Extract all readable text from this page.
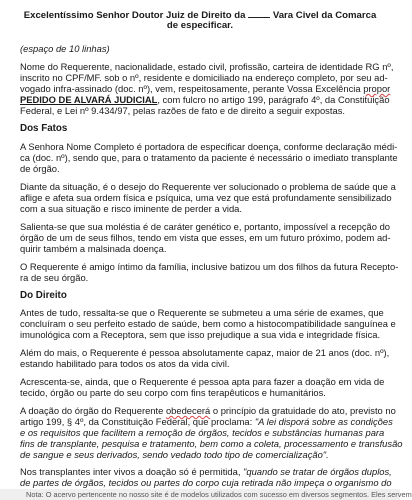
Excelentíssimo Senhor Doutor Juiz de Direito da	Vara Civel da Comarca
de especificar.
(espaço de 10 linhas)
Nome do Requerente, nacionalidade, estado civil, profissão, carteira de identidade RG nº,
inscrito no CPF/MF. sob o nº, residente e domiciliado na endereço completo, por seu ad-
vogado infra-assinado (doc. nº), vem, respeitosamente, perante Vossa Excelência propor
PEDIDO DE ALVARÁ JUDICIAL, com fulcro no artigo 199, parágrafo 4º, da Constituição
Federal, e Lei nº 9.434/97, pelas razões de fato e de direito a seguir expostas.
Dos Fatos
A Senhora Nome Completo é portadora de especificar doença, conforme declaração médi-
ca (doc. nº), sendo que, para o tratamento da paciente é necessário o imediato transplante
de órgão.
Diante da situação, é o desejo do Requerente ver solucionado o problema de saúde que a
aflige e afeta sua ordem física e psíquica, uma vez que está profundamente sensibilizado
com a sua situação e risco iminente de perder a vida.
Salienta-se que sua moléstia é de caráter genético e, portanto, impossível a recepção do
órgão de um de seus filhos, tendo em vista que esses, em um futuro próximo, podem ad-
quirir também a malsinada doença.
O Requerente é amigo íntimo da família, inclusive batizou um dos filhos da futura Recepto-
ra de seu órgão.
Do Direito
Antes de tudo, ressalta-se que o Requerente se submeteu a uma série de exames, que
concluíram o seu perfeito estado de saúde, bem como a histocompatibilidade sanguínea e
imunológica com a Receptora, sem que isso prejudique a sua vida e integridade física.
Além do mais, o Requerente é pessoa absolutamente capaz, maior de 21 anos (doc. nº),
estando habilitado para todos os atos da vida civil.
Acrescenta-se, ainda, que o Requerente é pessoa apta para fazer a doação em vida de
tecido, órgão ou parte do seu corpo com fins terapêuticos e humanitários.
A doação do órgão do Requerente obedecerá o princípio da gratuidade do ato, previsto no
artigo 199, § 4º, da Constituição Federal, que proclama: "A lei disporá sobre as condições
e os requisitos que facilitem a remoção de órgãos, tecidos e substâncias humanas para
fins de transplante, pesquisa e tratamento, bem como a coleta, processamento e transfusão
de sangue e seus derivados, sendo vedado todo tipo de comercialização".
Nos transplantes inter vivos a doação só é permitida, "quando se tratar de órgãos duplos,
de partes de órgãos, tecidos ou partes do corpo cuja retirada não impeça o organismo do
Nota: O acervo pertencente no nosso site é de modelos utilizados com sucesso em diversos segmentos. Eles servem
